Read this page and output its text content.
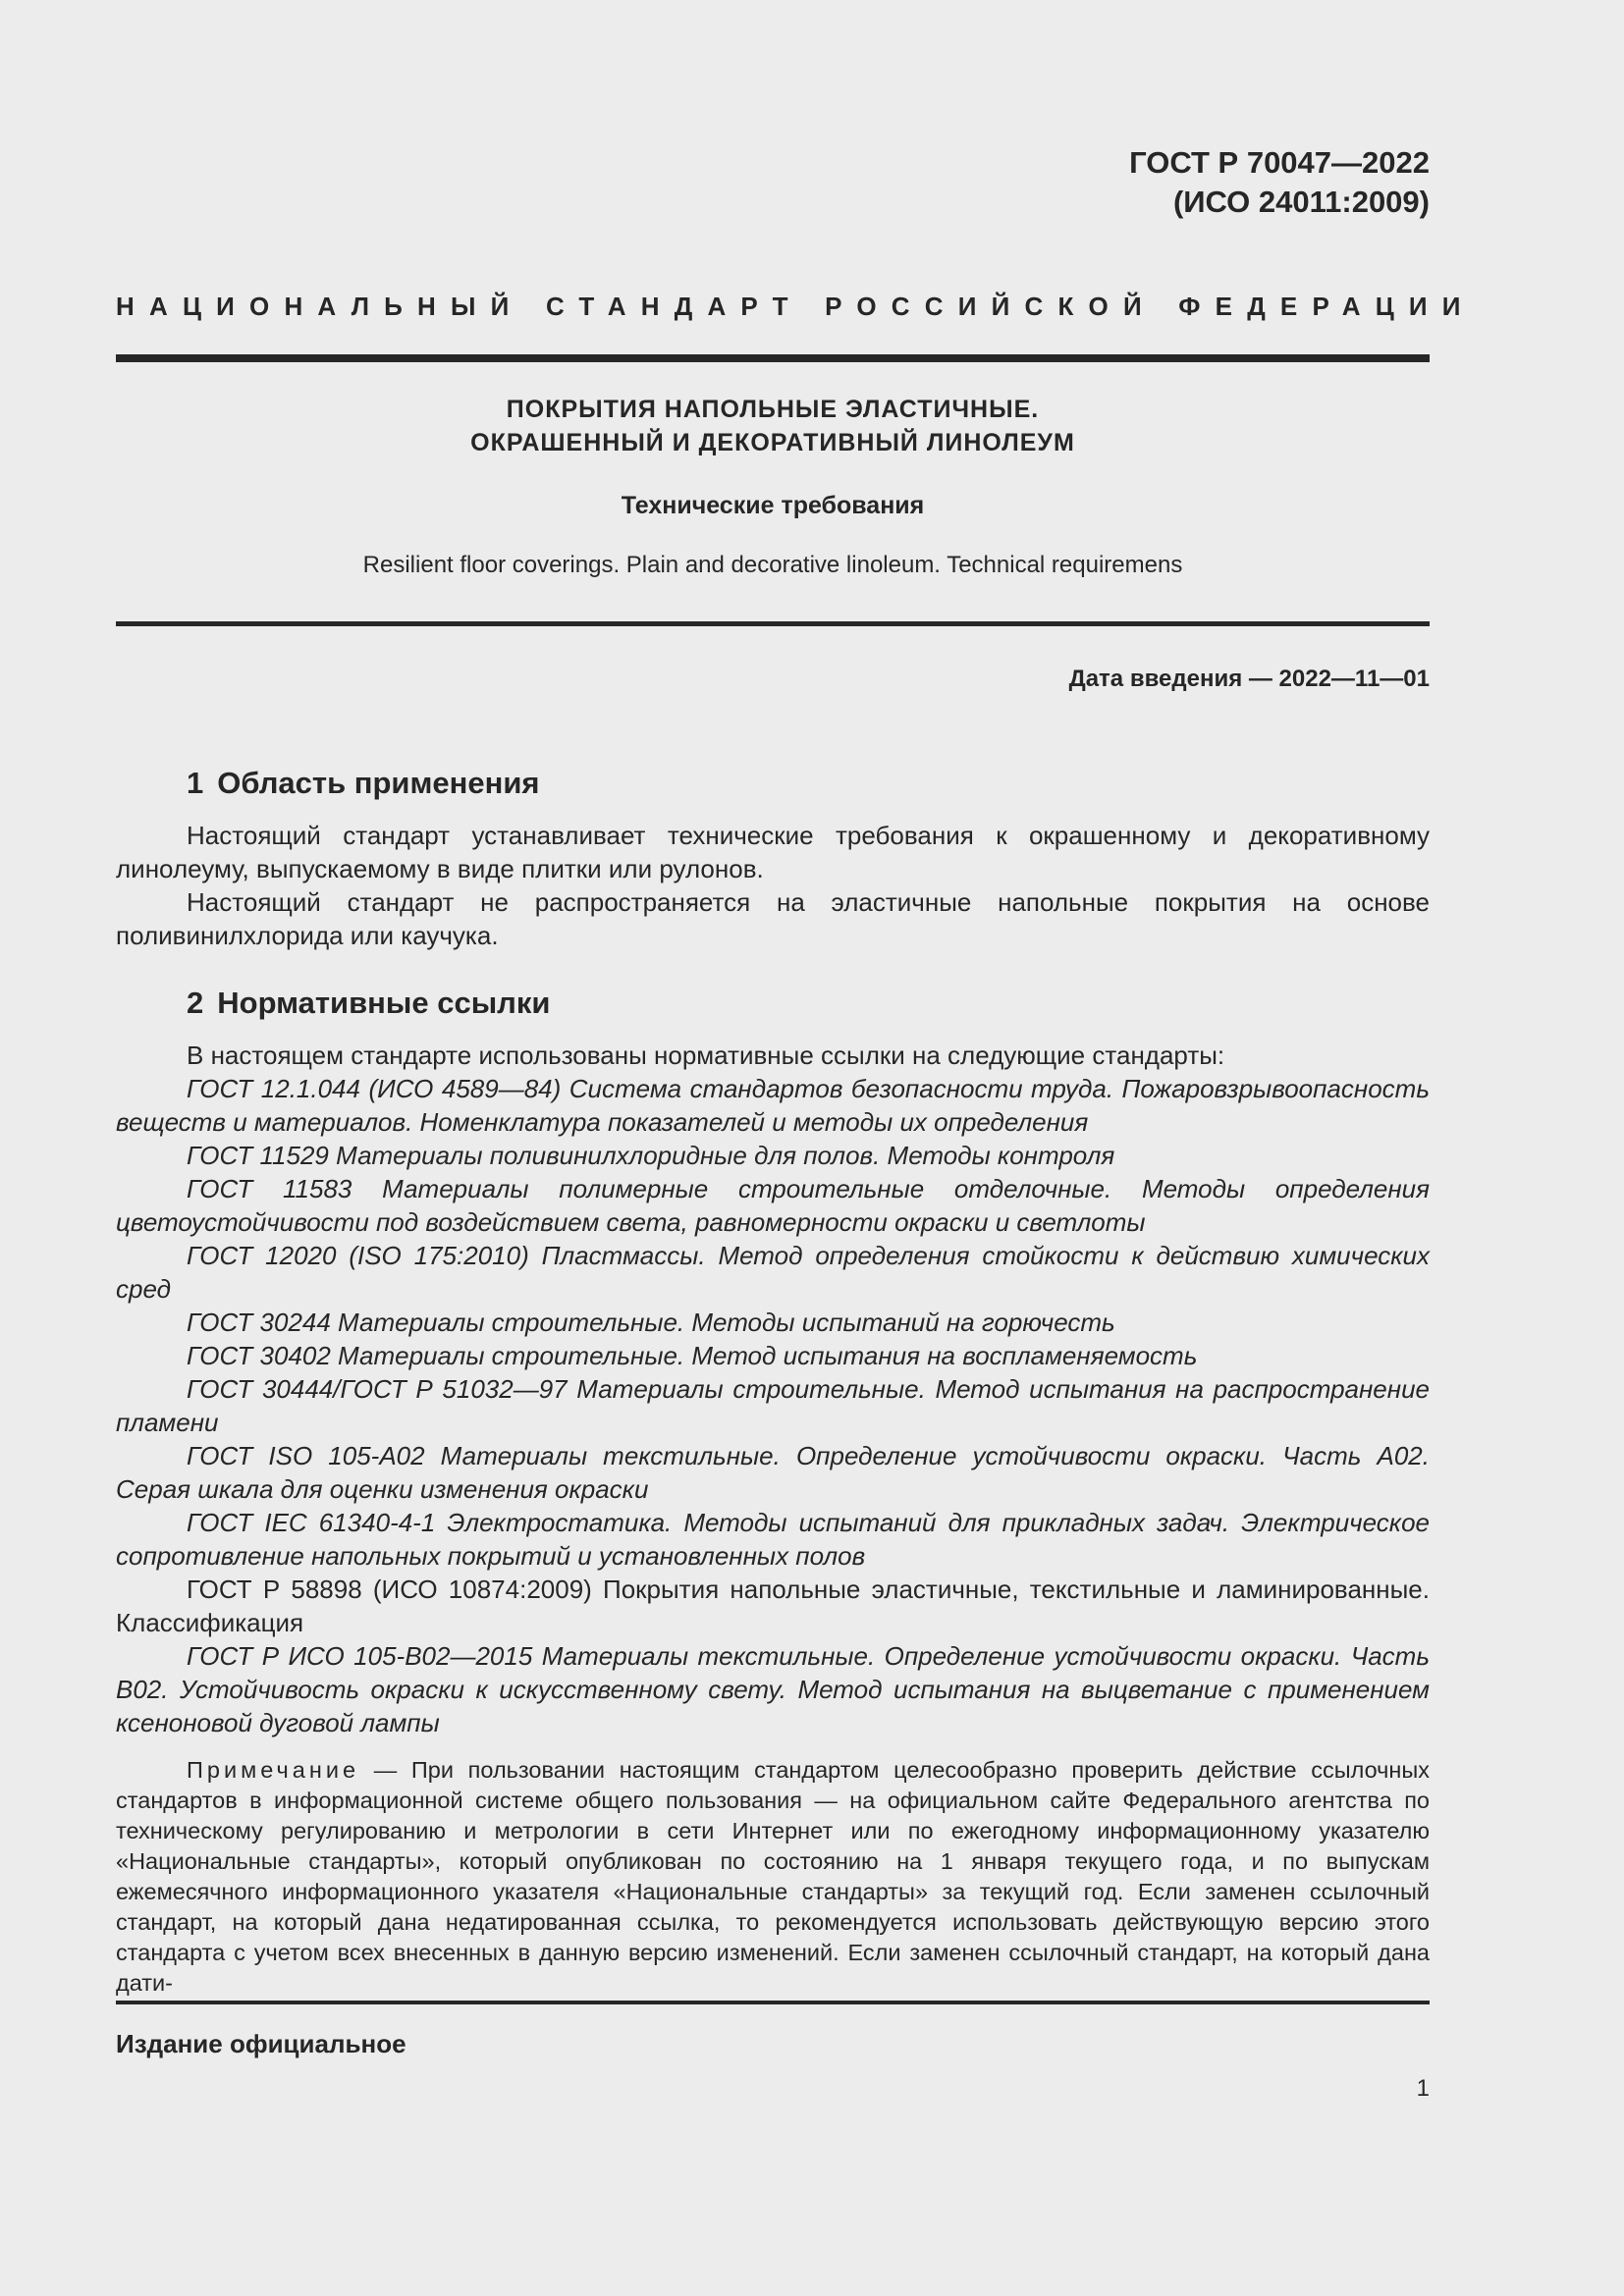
ГОСТ Р 70047—2022
(ИСО 24011:2009)
НАЦИОНАЛЬНЫЙ СТАНДАРТ РОССИЙСКОЙ ФЕДЕРАЦИИ
ПОКРЫТИЯ НАПОЛЬНЫЕ ЭЛАСТИЧНЫЕ.
ОКРАШЕННЫЙ И ДЕКОРАТИВНЫЙ ЛИНОЛЕУМ
Технические требования
Resilient floor coverings. Plain and decorative linoleum. Technical requiremens
Дата введения — 2022—11—01
1 Область применения

Настоящий стандарт устанавливает технические требования к окрашенному и декоративному линолеуму, выпускаемому в виде плитки или рулонов.

Настоящий стандарт не распространяется на эластичные напольные покрытия на основе поливинилхлорида или каучука.

2 Нормативные ссылки

В настоящем стандарте использованы нормативные ссылки на следующие стандарты:

ГОСТ 12.1.044 (ИСО 4589—84) Система стандартов безопасности труда. Пожаровзрывоопасность веществ и материалов. Номенклатура показателей и методы их определения

ГОСТ 11529 Материалы поливинилхлоридные для полов. Методы контроля

ГОСТ 11583 Материалы полимерные строительные отделочные. Методы определения цветоустойчивости под воздействием света, равномерности окраски и светлоты

ГОСТ 12020 (ISO 175:2010) Пластмассы. Метод определения стойкости к действию химических сред

ГОСТ 30244 Материалы строительные. Методы испытаний на горючесть

ГОСТ 30402 Материалы строительные. Метод испытания на воспламеняемость

ГОСТ 30444/ГОСТ Р 51032—97 Материалы строительные. Метод испытания на распространение пламени

ГОСТ ISO 105-A02 Материалы текстильные. Определение устойчивости окраски. Часть A02. Серая шкала для оценки изменения окраски

ГОСТ IEC 61340-4-1 Электростатика. Методы испытаний для прикладных задач. Электрическое сопротивление напольных покрытий и установленных полов

ГОСТ Р 58898 (ИСО 10874:2009) Покрытия напольные эластичные, текстильные и ламинированные. Классификация

ГОСТ Р ИСО 105-B02—2015 Материалы текстильные. Определение устойчивости окраски. Часть B02. Устойчивость окраски к искусственному свету. Метод испытания на выцветание с применением ксеноновой дуговой лампы

Примечание — При пользовании настоящим стандартом целесообразно проверить действие ссылочных стандартов в информационной системе общего пользования — на официальном сайте Федерального агентства по техническому регулированию и метрологии в сети Интернет или по ежегодному информационному указателю «Национальные стандарты», который опубликован по состоянию на 1 января текущего года, и по выпускам ежемесячного информационного указателя «Национальные стандарты» за текущий год. Если заменен ссылочный стандарт, на который дана недатированная ссылка, то рекомендуется использовать действующую версию этого стандарта с учетом всех внесенных в данную версию изменений. Если заменен ссылочный стандарт, на который дана дати-

Издание официальное
1
